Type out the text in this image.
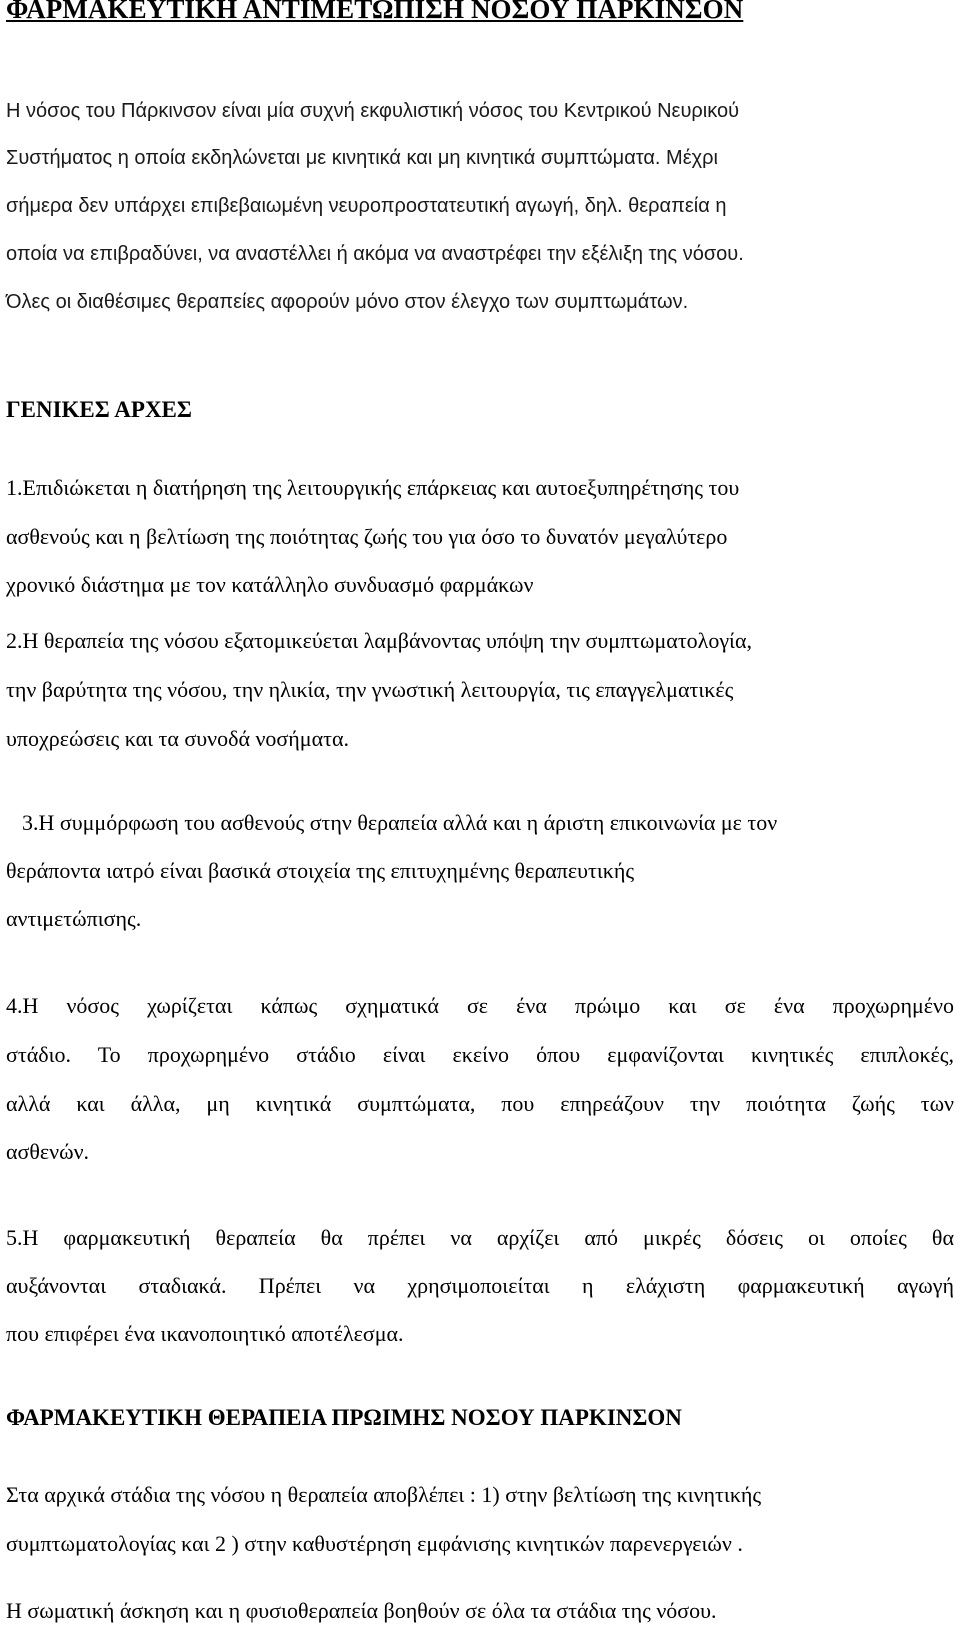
ΦΑΡΜΑΚΕΥΤΙΚΗ ΑΝΤΙΜΕΤΩΠΙΣΗ ΝΟΣΟΥ ΠΑΡΚΙΝΣΟΝ

Η νόσος του Πάρκινσον είναι μία συχνή εκφυλιστική νόσος του Κεντρικού Νευρικού

Συστήματος η οποία εκδηλώνεται με κινητικά και μη κινητικά συμπτώματα. Μέχρι

σήμερα δεν υπάρχει επιβεβαιωμένη νευροπροστατευτική αγωγή, δηλ. θεραπεία η

οποία να επιβραδύνει, να αναστέλλει ή ακόμα να αναστρέφει την εξέλιξη της νόσου.

Όλες οι διαθέσιμες θεραπείες αφορούν μόνο στον έλεγχο των συμπτωμάτων.

ΓΕΝΙΚΕΣ ΑΡΧΕΣ

1.Επιδιώκεται η διατήρηση της λειτουργικής επάρκειας και αυτοεξυπηρέτησης του

ασθενούς και η βελτίωση της ποιότητας ζωής του για όσο το δυνατόν μεγαλύτερο

χρονικό διάστημα με τον κατάλληλο συνδυασμό φαρμάκων

2.Η θεραπεία της νόσου εξατομικεύεται λαμβάνοντας υπόψη την συμπτωματολογία,

την βαρύτητα της νόσου, την ηλικία, την γνωστική λειτουργία, τις επαγγελματικές

υποχρεώσεις και τα συνοδά νοσήματα.

3.Η συμμόρφωση του ασθενούς στην θεραπεία αλλά και η άριστη επικοινωνία με τον

θεράποντα ιατρό είναι βασικά στοιχεία της επιτυχημένης θεραπευτικής

αντιμετώπισης.

4.Η νόσος χωρίζεται κάπως σχηματικά σε ένα πρώιμο και σε ένα προχωρημένο

στάδιο. Το προχωρημένο στάδιο είναι εκείνο όπου εμφανίζονται κινητικές επιπλοκές,

αλλά και άλλα, μη κινητικά συμπτώματα, που επηρεάζουν την ποιότητα ζωής των

ασθενών.

5.Η φαρμακευτική θεραπεία θα πρέπει να αρχίζει από μικρές δόσεις οι οποίες θα

αυξάνονται σταδιακά. Πρέπει να χρησιμοποιείται η ελάχιστη φαρμακευτική αγωγή

που επιφέρει ένα ικανοποιητικό αποτέλεσμα.

ΦΑΡΜΑΚΕΥΤΙΚΗ ΘΕΡΑΠΕΙΑ ΠΡΩΙΜΗΣ ΝΟΣΟΥ ΠΑΡΚΙΝΣΟΝ

Στα αρχικά στάδια της νόσου η θεραπεία αποβλέπει : 1) στην βελτίωση της κινητικής

συμπτωματολογίας και 2 ) στην καθυστέρηση εμφάνισης κινητικών παρενεργειών .

Η σωματική άσκηση και η φυσιοθεραπεία βοηθούν σε όλα τα στάδια της νόσου.
